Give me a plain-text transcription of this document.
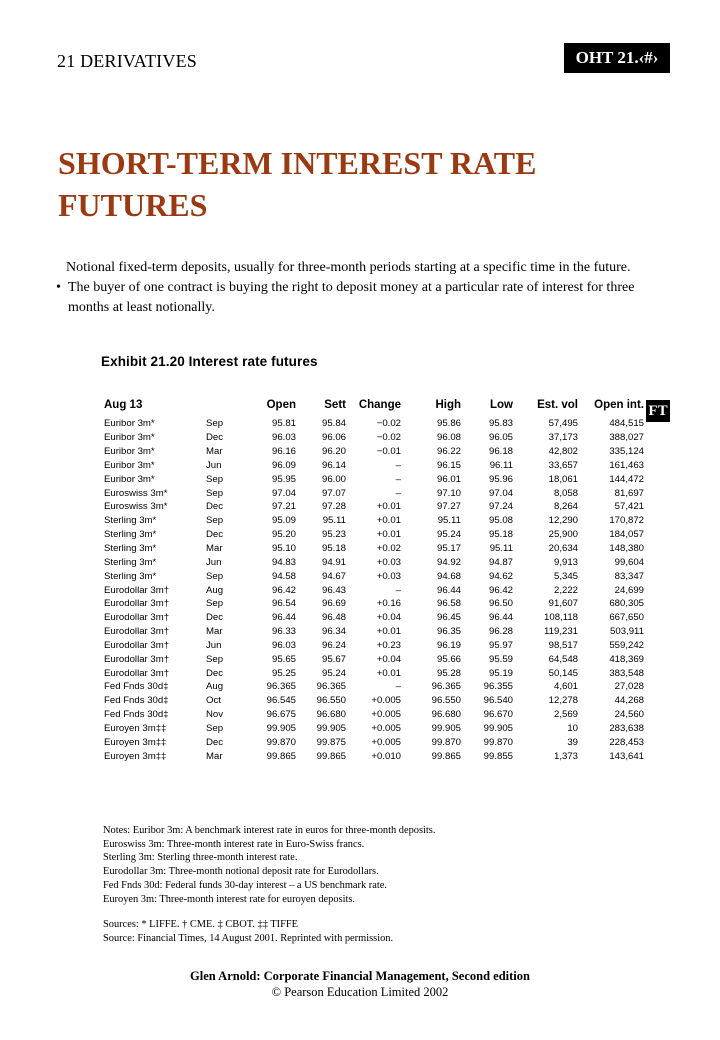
21 DERIVATIVES	OHT 21.‹#›
SHORT-TERM INTEREST RATE FUTURES
Notional fixed-term deposits, usually for three-month periods starting at a specific time in the future.
• The buyer of one contract is buying the right to deposit money at a particular rate of interest for three months at least notionally.
Exhibit 21.20 Interest rate futures
FT
Aug 13		Open	Sett	Change	High	Low	Est. vol	Open int.
Euribor 3m*	Sep	95.81	95.84	−0.02	95.86	95.83	57,495	484,515
Euribor 3m*	Dec	96.03	96.06	−0.02	96.08	96.05	37,173	388,027
Euribor 3m*	Mar	96.16	96.20	−0.01	96.22	96.18	42,802	335,124
Euribor 3m*	Jun	96.09	96.14	–	96.15	96.11	33,657	161,463
Euribor 3m*	Sep	95.95	96.00	–	96.01	95.96	18,061	144,472
Euroswiss 3m*	Sep	97.04	97.07	–	97.10	97.04	8,058	81,697
Euroswiss 3m*	Dec	97.21	97.28	+0.01	97.27	97.24	8,264	57,421
Sterling 3m*	Sep	95.09	95.11	+0.01	95.11	95.08	12,290	170,872
Sterling 3m*	Dec	95.20	95.23	+0.01	95.24	95.18	25,900	184,057
Sterling 3m*	Mar	95.10	95.18	+0.02	95.17	95.11	20,634	148,380
Sterling 3m*	Jun	94.83	94.91	+0.03	94.92	94.87	9,913	99,604
Sterling 3m*	Sep	94.58	94.67	+0.03	94.68	94.62	5,345	83,347
Eurodollar 3m†	Aug	96.42	96.43	–	96.44	96.42	2,222	24,699
Eurodollar 3m†	Sep	96.54	96.69	+0.16	96.58	96.50	91,607	680,305
Eurodollar 3m†	Dec	96.44	96.48	+0.04	96.45	96.44	108,118	667,650
Eurodollar 3m†	Mar	96.33	96.34	+0.01	96.35	96.28	119,231	503,911
Eurodollar 3m†	Jun	96.03	96.24	+0.23	96.19	95.97	98,517	559,242
Eurodollar 3m†	Sep	95.65	95.67	+0.04	95.66	95.59	64,548	418,369
Eurodollar 3m†	Dec	95.25	95.24	+0.01	95.28	95.19	50,145	383,548
Fed Fnds 30d‡	Aug	96.365	96.365	–	96.365	96.355	4,601	27,028
Fed Fnds 30d‡	Oct	96.545	96.550	+0.005	96.550	96.540	12,278	44,268
Fed Fnds 30d‡	Nov	96.675	96.680	+0.005	96.680	96.670	2,569	24,560
Euroyen 3m‡‡	Sep	99.905	99.905	+0.005	99.905	99.905	10	283,638
Euroyen 3m‡‡	Dec	99.870	99.875	+0.005	99.870	99.870	39	228,453
Euroyen 3m‡‡	Mar	99.865	99.865	+0.010	99.865	99.855	1,373	143,641
Notes: Euribor 3m: A benchmark interest rate in euros for three-month deposits.
Euroswiss 3m: Three-month interest rate in Euro-Swiss francs.
Sterling 3m: Sterling three-month interest rate.
Eurodollar 3m: Three-month notional deposit rate for Eurodollars.
Fed Fnds 30d: Federal funds 30-day interest – a US benchmark rate.
Euroyen 3m: Three-month interest rate for euroyen deposits.
Sources: * LIFFE. † CME. ‡ CBOT. ‡‡ TIFFE
Source: Financial Times, 14 August 2001. Reprinted with permission.
Glen Arnold: Corporate Financial Management, Second edition
© Pearson Education Limited 2002
